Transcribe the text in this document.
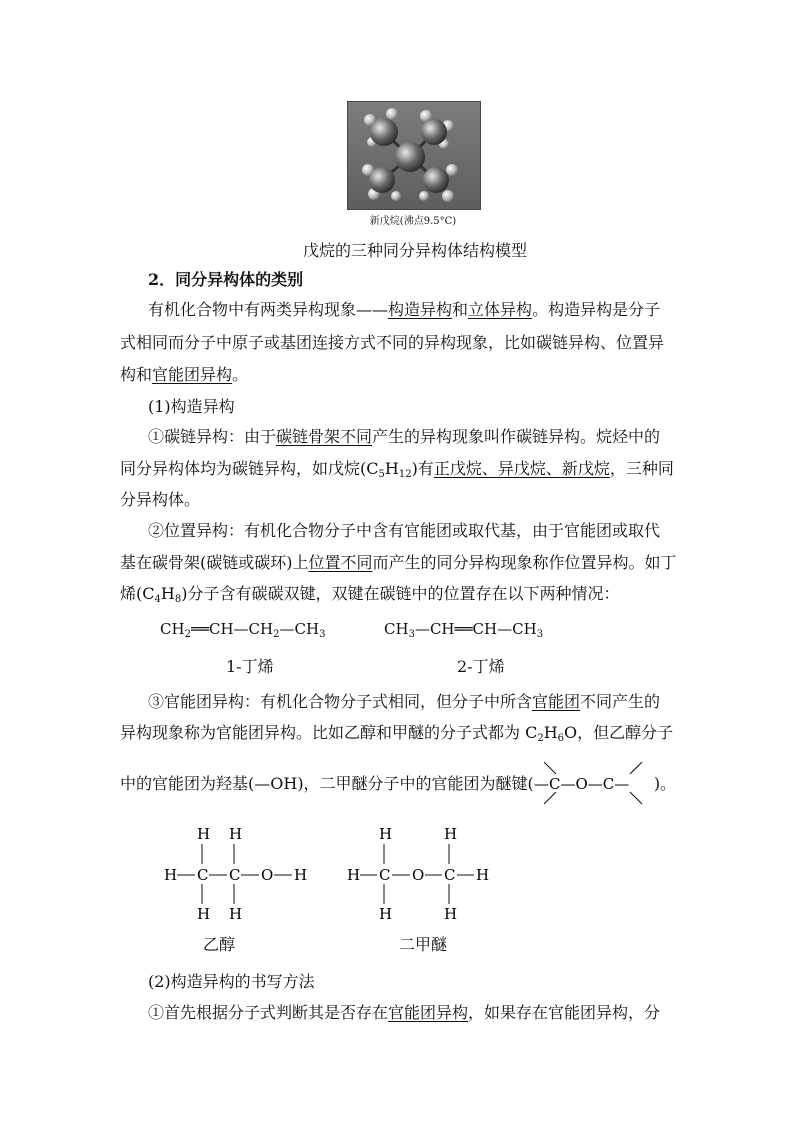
新戊烷(沸点9.5°C)
戊烷的三种同分异构体结构模型
2．同分异构体的类别
有机化合物中有两类异构现象——构造异构和立体异构。构造异构是分子
式相同而分子中原子或基团连接方式不同的异构现象，比如碳链异构、位置异
构和官能团异构。
(1)构造异构
①碳链异构：由于碳链骨架不同产生的异构现象叫作碳链异构。烷烃中的
同分异构体均为碳链异构，如戊烷$(C_5H_{12})$有正戊烷、异戊烷、新戊烷，三种同
分异构体。
②位置异构：有机化合物分子中含有官能团或取代基，由于官能团或取代
基在碳骨架(碳链或碳环)上位置不同而产生的同分异构现象称作位置异构。如丁
烯$(C_4H_8)$分子含有碳碳双键，双键在碳链中的位置存在以下两种情况：
$CH_2══CH—CH_2—CH_3$	$CH_3—CH══CH—CH_3$
1-丁烯	2-丁烯
③官能团异构：有机化合物分子式相同，但分子中所含官能团不同产生的
异构现象称为官能团异构。比如乙醇和甲醚的分子式都为 $C_2H_6O$，但乙醇分子
中的官能团为羟基(—OH)，二甲醚分子中的官能团为醚键(	)。
—C—O—C—
H H
H C C O H
H H
乙醇
H	H
H C O C H
H	H
二甲醚
(2)构造异构的书写方法
①首先根据分子式判断其是否存在官能团异构，如果存在官能团异构，分
